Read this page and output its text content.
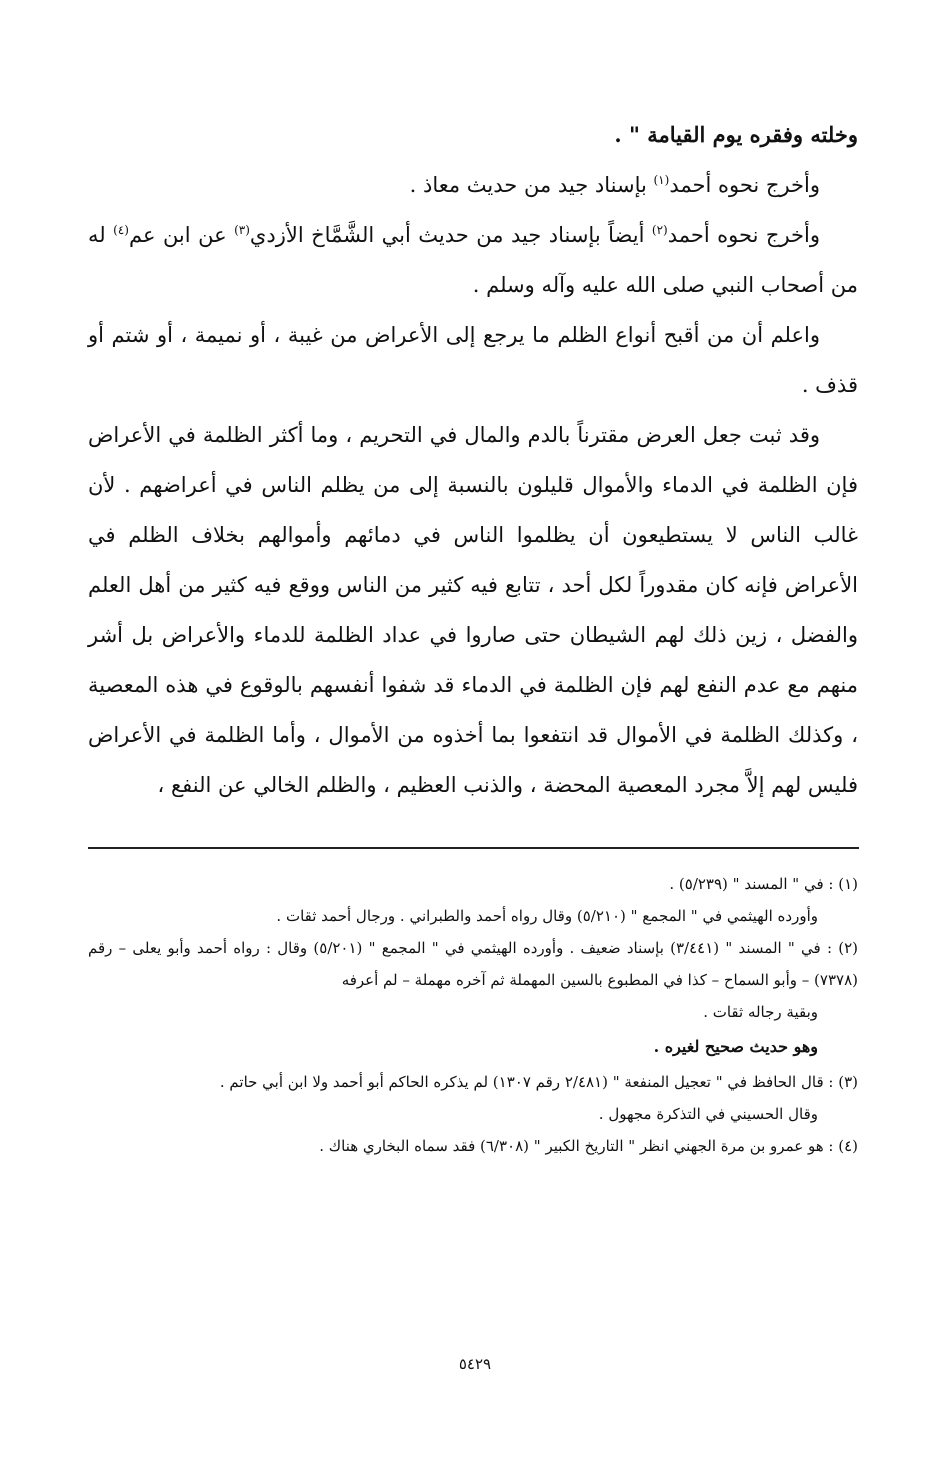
وخلته وفقره يوم القيامة " .

وأخرج نحوه أحمد$^{(١)}$ بإسناد جيد من حديث معاذ .

وأخرج نحوه أحمد$^{(٢)}$ أيضاً بإسناد جيد من حديث أبي الشَّمَّاخ الأزدي$^{(٣)}$ عن ابن عم$^{(٤)}$ له من أصحاب النبي صلى الله عليه وآله وسلم .

واعلم أن من أقبح أنواع الظلم ما يرجع إلى الأعراض من غيبة ، أو نميمة ، أو شتم أو قذف .

وقد ثبت جعل العرض مقترناً بالدم والمال في التحريم ، وما أكثر الظلمة في الأعراض فإن الظلمة في الدماء والأموال قليلون بالنسبة إلى من يظلم الناس في أعراضهم . لأن غالب الناس لا يستطيعون أن يظلموا الناس في دمائهم وأموالهم بخلاف الظلم في الأعراض فإنه كان مقدوراً لكل أحد ، تتابع فيه كثير من الناس ووقع فيه كثير من أهل العلم والفضل ، زين ذلك لهم الشيطان حتى صاروا في عداد الظلمة للدماء والأعراض بل أشر منهم مع عدم النفع لهم فإن الظلمة في الدماء قد شفوا أنفسهم بالوقوع في هذه المعصية ، وكذلك الظلمة في الأموال قد انتفعوا بما أخذوه من الأموال ، وأما الظلمة في الأعراض فليس لهم إلاَّ مجرد المعصية المحضة ، والذنب العظيم ، والظلم الخالي عن النفع ،

(١) : في " المسند " (٥/٢٣٩) .

وأورده الهيثمي في " المجمع " (٥/٢١٠) وقال رواه أحمد والطبراني . ورجال أحمد ثقات .

(٢) : في " المسند " (٣/٤٤١) بإسناد ضعيف . وأورده الهيثمي في " المجمع " (٥/٢٠١) وقال : رواه أحمد وأبو يعلى – رقم (٧٣٧٨) – وأبو السماح – كذا في المطبوع بالسين المهملة ثم آخره مهملة – لم أعرفه

وبقية رجاله ثقات .

وهو حديث صحيح لغيره .

(٣) : قال الحافظ في " تعجيل المنفعة " (٢/٤٨١ رقم ١٣٠٧) لم يذكره الحاكم أبو أحمد ولا ابن أبي حاتم .

وقال الحسيني في التذكرة مجهول .

(٤) : هو عمرو بن مرة الجهني انظر " التاريخ الكبير " (٦/٣٠٨) فقد سماه البخاري هناك .

٥٤٢٩
